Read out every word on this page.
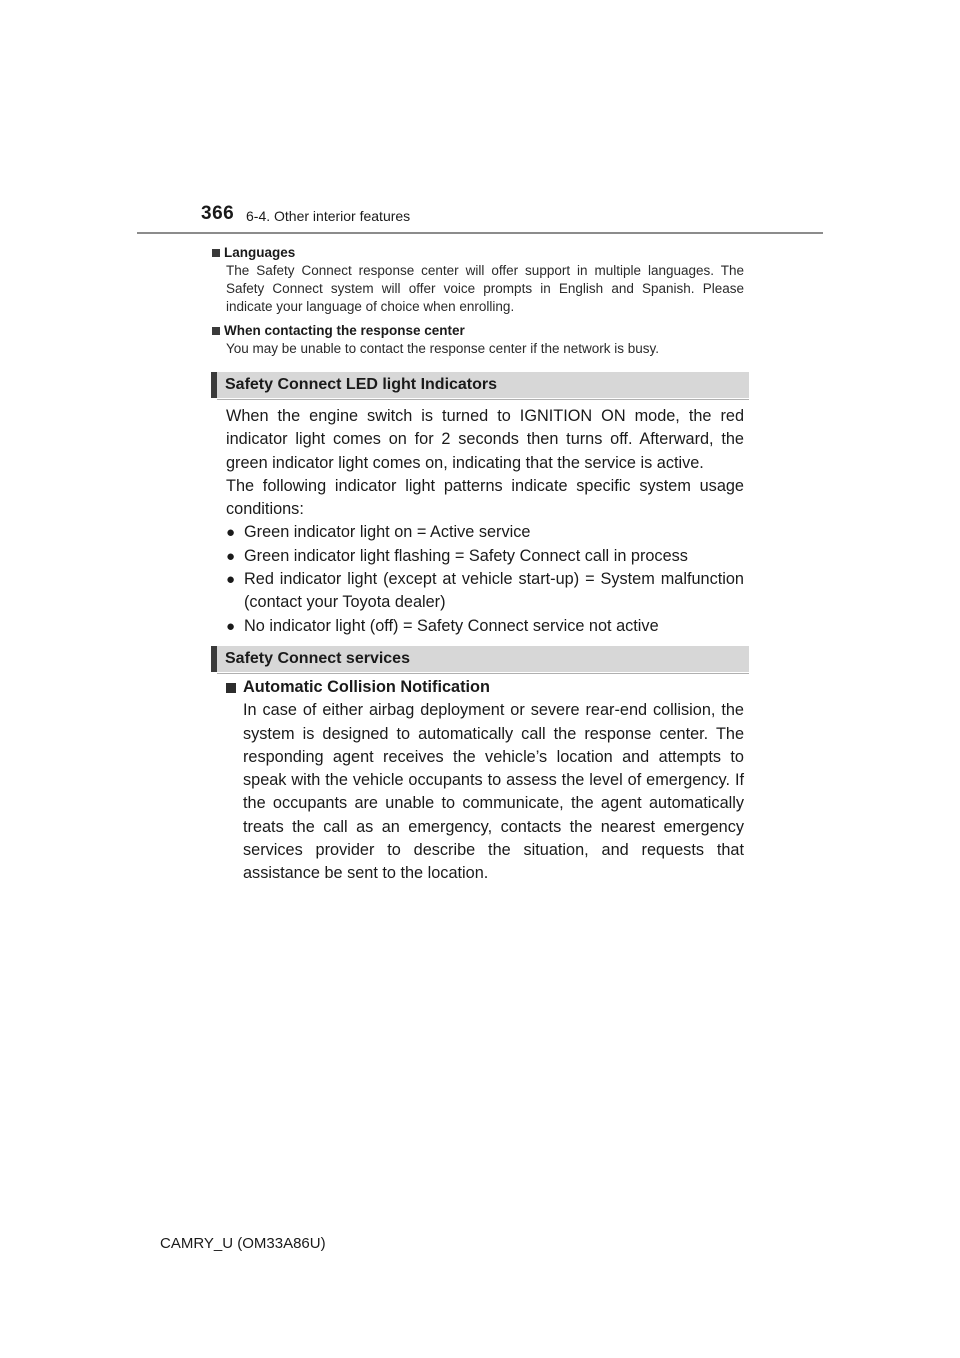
366 6-4. Other interior features
Languages
The Safety Connect response center will offer support in multiple languages. The Safety Connect system will offer voice prompts in English and Spanish. Please indicate your language of choice when enrolling.
When contacting the response center
You may be unable to contact the response center if the network is busy.
Safety Connect LED light Indicators
When the engine switch is turned to IGNITION ON mode, the red indicator light comes on for 2 seconds then turns off. Afterward, the green indicator light comes on, indicating that the service is active.
The following indicator light patterns indicate specific system usage conditions:
● Green indicator light on = Active service
● Green indicator light flashing = Safety Connect call in process
● Red indicator light (except at vehicle start-up) = System malfunction (contact your Toyota dealer)
● No indicator light (off) = Safety Connect service not active
Safety Connect services
Automatic Collision Notification
In case of either airbag deployment or severe rear-end collision, the system is designed to automatically call the response center. The responding agent receives the vehicle’s location and attempts to speak with the vehicle occupants to assess the level of emergency. If the occupants are unable to communicate, the agent automatically treats the call as an emergency, contacts the nearest emergency services provider to describe the situation, and requests that assistance be sent to the location.
CAMRY_U (OM33A86U)
